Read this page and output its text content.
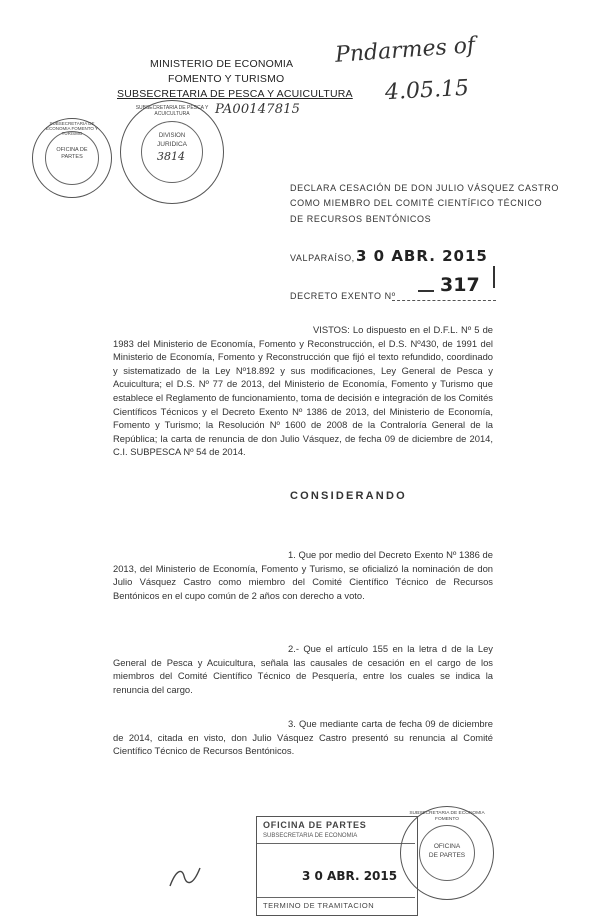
MINISTERIO DE ECONOMIA
FOMENTO Y TURISMO
SUBSECRETARIA DE PESCA Y ACUICULTURA
PA00147815
Pndarmes of
4.05.15
SUBSECRETARIA DE ECONOMIA FOMENTO Y TURISMO
OFICINA DE PARTES
SUBSECRETARIA DE PESCA Y ACUICULTURA
DIVISION
JURIDICA
3814
DECLARA CESACIÓN DE DON JULIO VÁSQUEZ CASTRO
COMO MIEMBRO DEL COMITÉ CIENTÍFICO TÉCNICO
DE RECURSOS BENTÓNICOS
VALPARAÍSO, 3 0 ABR. 2015
DECRETO EXENTO Nº 317
VISTOS: Lo dispuesto en el D.F.L. Nº 5 de 1983 del Ministerio de Economía, Fomento y Reconstrucción, el D.S. Nº430, de 1991 del Ministerio de Economía, Fomento y Reconstrucción que fijó el texto refundido, coordinado y sistematizado de la Ley Nº18.892 y sus modificaciones, Ley General de Pesca y Acuicultura; el D.S. Nº 77 de 2013, del Ministerio de Economía, Fomento y Turismo que establece el Reglamento de funcionamiento, toma de decisión e integración de los Comités Científicos Técnicos y el Decreto Exento Nº 1386 de 2013, del Ministerio de Economía, Fomento y Turismo; la Resolución Nº 1600 de 2008 de la Contraloría General de la República; la carta de renuncia de don Julio Vásquez, de fecha 09 de diciembre de 2014, C.I. SUBPESCA Nº 54 de 2014.
CONSIDERANDO
1. Que por medio del Decreto Exento Nº 1386 de 2013, del Ministerio de Economía, Fomento y Turismo, se oficializó la nominación de don Julio Vásquez Castro como miembro del Comité Científico Técnico de Recursos Bentónicos en el cupo común de 2 años con derecho a voto.
2.- Que el artículo 155 en la letra d de la Ley General de Pesca y Acuicultura, señala las causales de cesación en el cargo de los miembros del Comité Científico Técnico de Pesquería, entre los cuales se indica la renuncia del cargo.
3. Que mediante carta de fecha 09 de diciembre de 2014, citada en visto, don Julio Vásquez Castro presentó su renuncia al Comité Científico Técnico de Recursos Bentónicos.
OFICINA DE PARTES
SUBSECRETARIA DE ECONOMIA
3 0 ABR. 2015
TERMINO DE TRAMITACION
SUBSECRETARIA DE ECONOMIA FOMENTO
OFICINA
DE PARTES
